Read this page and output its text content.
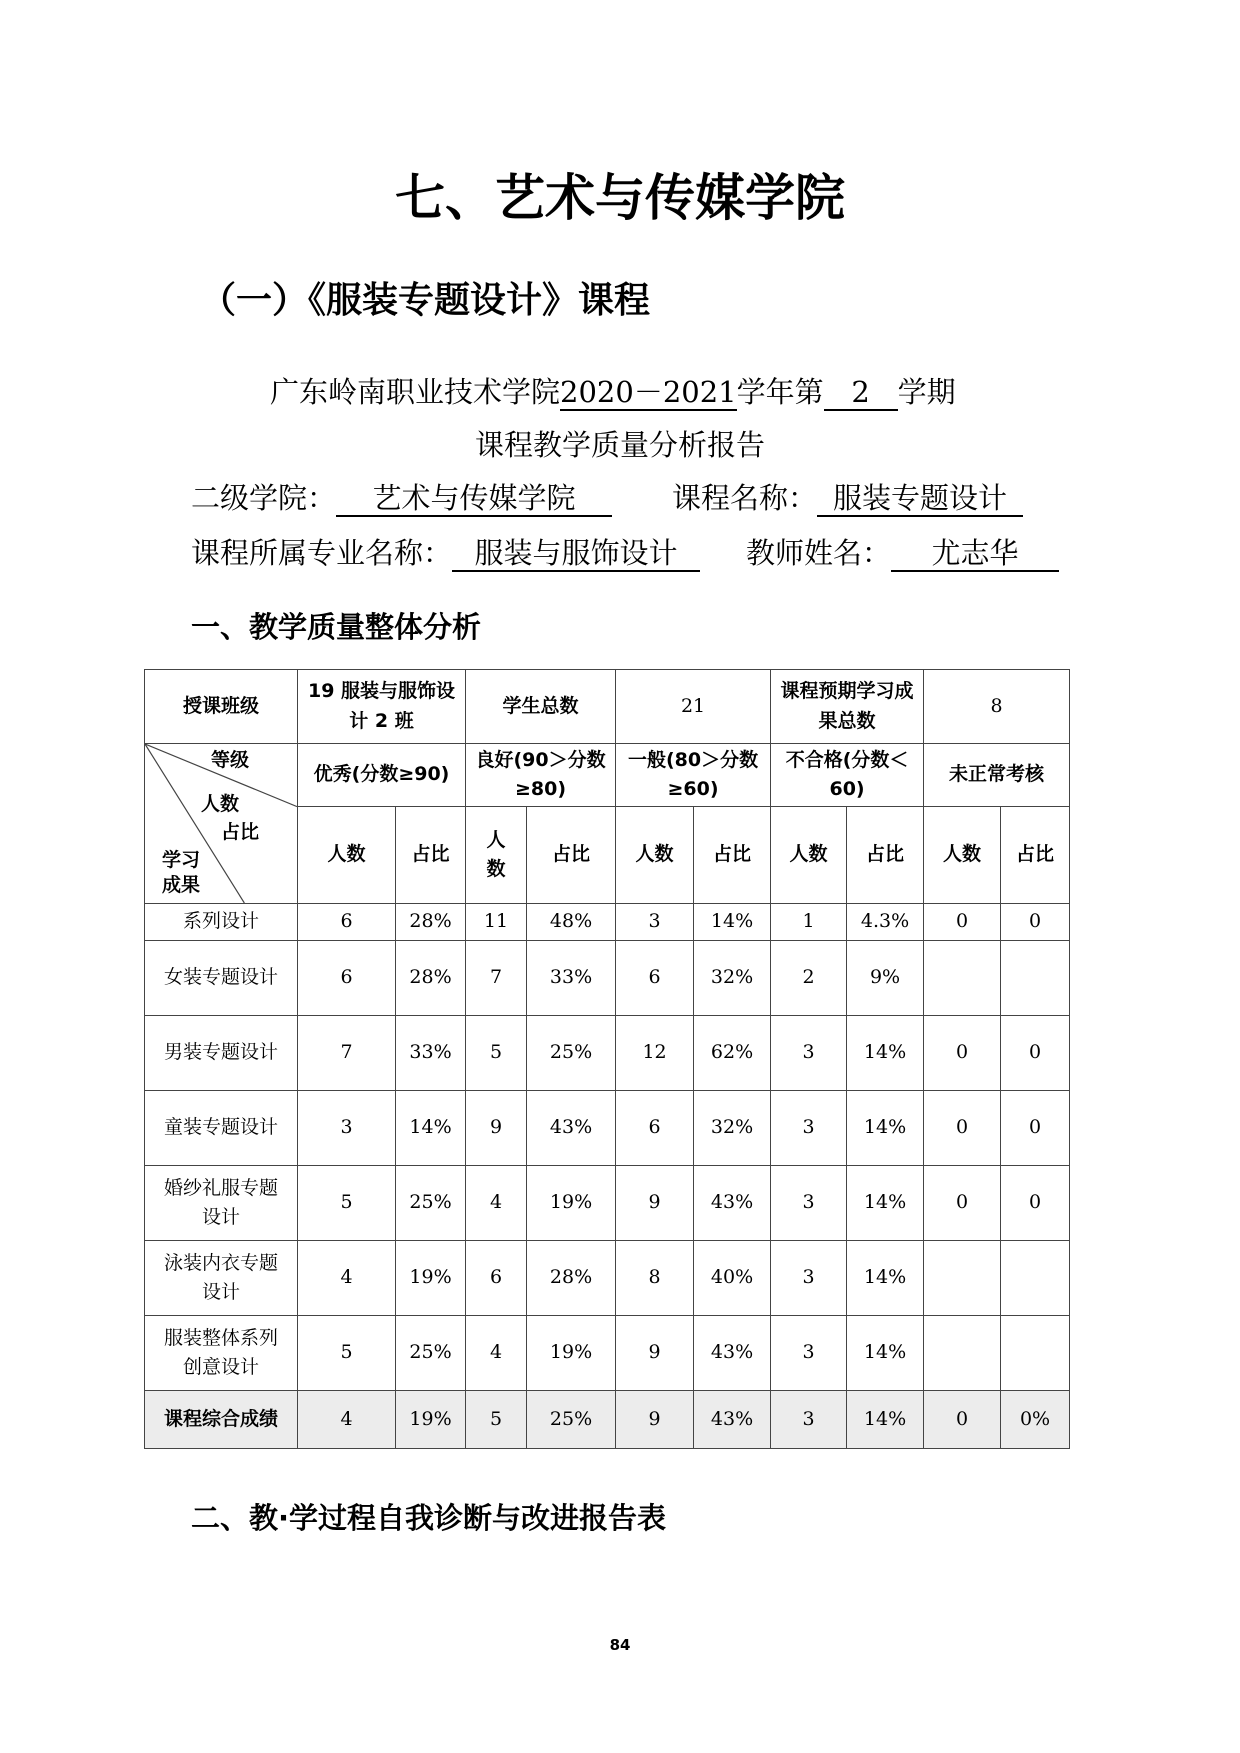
七、艺术与传媒学院
（一）《服装专题设计》课程
广东岭南职业技术学院2020－2021学年第 2 学期
课程教学质量分析报告
二级学院： 艺术与传媒学院	课程名称： 服装专题设计
课程所属专业名称： 服装与服饰设计	教师姓名： 尤志华
一、教学质量整体分析
授课班级	19 服装与服饰设计 2 班		学生总数		21		课程预期学习成果总数		8	

等级
人数
占比
学习成果	优秀(分数≥90)		良好(90＞分数≥80)		一般(80＞分数≥60)		不合格(分数＜60)		未正常考核	
	人数	占比	人数	占比	人数	占比	人数	占比	人数	占比
系列设计	6	28%	11	48%	3	14%	1	4.3%	0	0
女装专题设计	6	28%	7	33%	6	32%	2	9%		
男装专题设计	7	33%	5	25%	12	62%	3	14%	0	0
童装专题设计	3	14%	9	43%	6	32%	3	14%	0	0
婚纱礼服专题设计	5	25%	4	19%	9	43%	3	14%	0	0
泳装内衣专题设计	4	19%	6	28%	8	40%	3	14%		
服装整体系列创意设计	5	25%	4	19%	9	43%	3	14%		
课程综合成绩	4	19%	5	25%	9	43%	3	14%	0	0%
二、教·学过程自我诊断与改进报告表
84
